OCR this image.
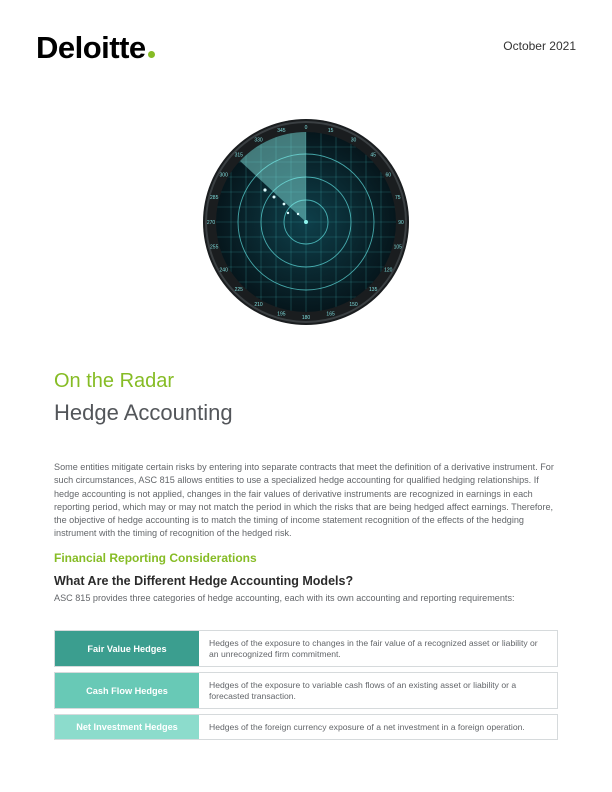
Deloitte	October 2021
0
15
30
45
60
75
90
105
120
135
150
165
180
195
210
225
240
255
270
285
300
315
330
345
On the Radar
Hedge Accounting

Some entities mitigate certain risks by entering into separate contracts that meet the definition of a derivative instrument. For such circumstances, ASC 815 allows entities to use a specialized hedge accounting for qualified hedging relationships. If hedge accounting is not applied, changes in the fair values of derivative instruments are recognized in earnings in each reporting period, which may or may not match the period in which the risks that are being hedged affect earnings. Therefore, the objective of hedge accounting is to match the timing of income statement recognition of the effects of the hedging instrument with the timing of recognition of the hedged risk.

Financial Reporting Considerations
What Are the Different Hedge Accounting Models?

ASC 815 provides three categories of hedge accounting, each with its own accounting and reporting requirements:

Fair Value Hedges
Hedges of the exposure to changes in the fair value of a recognized asset or liability or an unrecognized firm commitment.
Cash Flow Hedges
Hedges of the exposure to variable cash flows of an existing asset or liability or a forecasted transaction.
Net Investment Hedges	Hedges of the foreign currency exposure of a net investment in a foreign operation.
